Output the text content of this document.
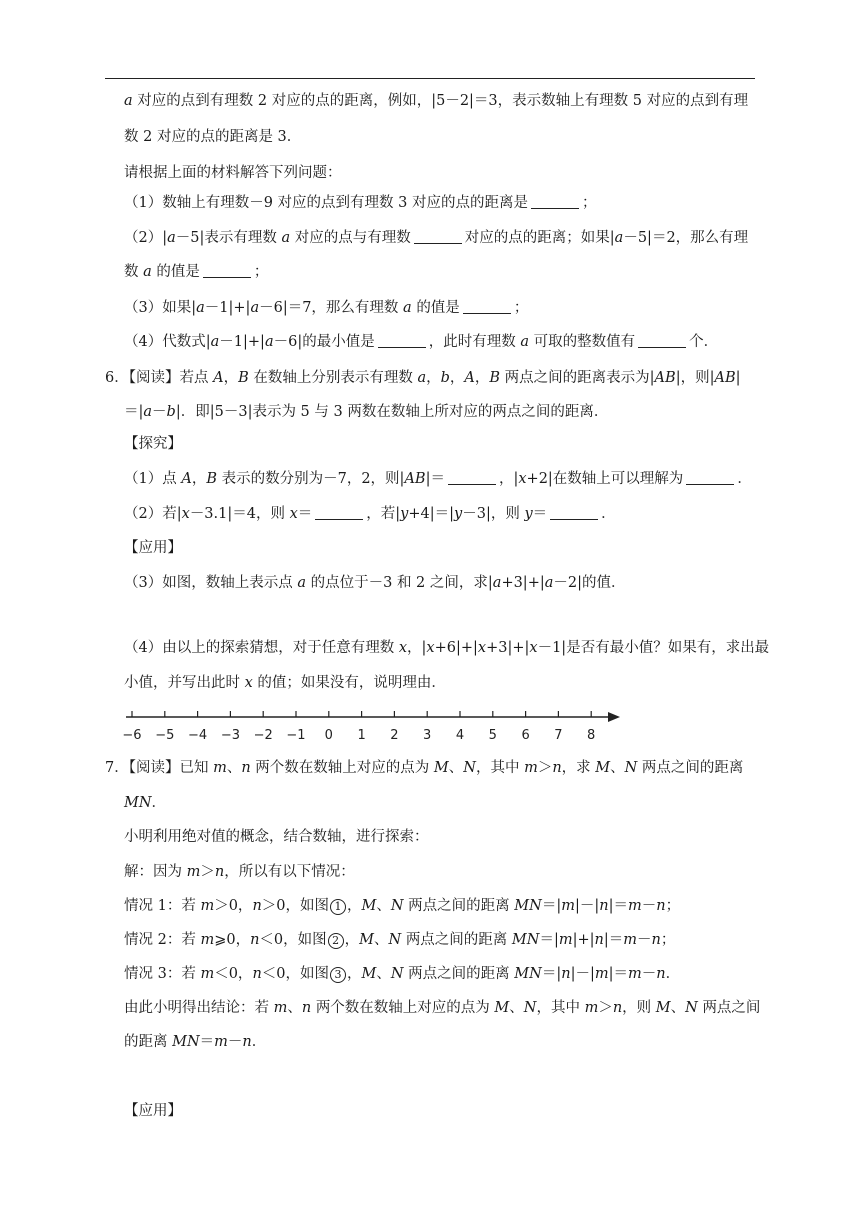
a 对应的点到有理数 2 对应的点的距离，例如，|5－2|＝3，表示数轴上有理数 5 对应的点到有理
数 2 对应的点的距离是 3．
请根据上面的材料解答下列问题：
（1）数轴上有理数－9 对应的点到有理数 3 对应的点的距离是	；
（2）|a－5|表示有理数 a 对应的点与有理数	对应的点的距离；如果|a－5|＝2，那么有理
数 a 的值是	；
（3）如果|a－1|+|a－6|＝7，那么有理数 a 的值是	；
（4）代数式|a－1|+|a－6|的最小值是	，此时有理数 a 可取的整数值有	个．
6．【阅读】若点 A，B 在数轴上分别表示有理数 a，b，A，B 两点之间的距离表示为|AB|，则|AB|
＝|a－b|．即|5－3|表示为 5 与 3 两数在数轴上所对应的两点之间的距离．
【探究】
（1）点 A，B 表示的数分别为－7，2，则|AB|＝	，|x+2|在数轴上可以理解为	．
（2）若|x－3.1|＝4，则 x＝	，若|y+4|＝|y－3|，则 y＝	．
【应用】
（3）如图，数轴上表示点 a 的点位于－3 和 2 之间，求|a+3|+|a－2|的值．
（4）由以上的探索猜想，对于任意有理数 x，|x+6|+|x+3|+|x－1|是否有最小值？如果有，求出最
小值，并写出此时 x 的值；如果没有，说明理由．
−6 −5 −4 −3 −2 −1 0 1 2 3 4 5 6 7 8
7．【阅读】已知 m、n 两个数在数轴上对应的点为 M、N，其中 m＞n，求 M、N 两点之间的距离
MN．
小明利用绝对值的概念，结合数轴，进行探索：
解：因为 m＞n，所以有以下情况：
情况 1：若 m＞0，n＞0，如图 1 ，M、N 两点之间的距离 MN＝|m|－|n|＝m－n；
情况 2：若 m⩾0，n＜0，如图 2 ，M、N 两点之间的距离 MN＝|m|+|n|＝m－n；
情况 3：若 m＜0，n＜0，如图 3 ，M、N 两点之间的距离 MN＝|n|－|m|＝m－n．
由此小明得出结论：若 m、n 两个数在数轴上对应的点为 M、N，其中 m＞n，则 M、N 两点之间
的距离 MN＝m－n．
【应用】
